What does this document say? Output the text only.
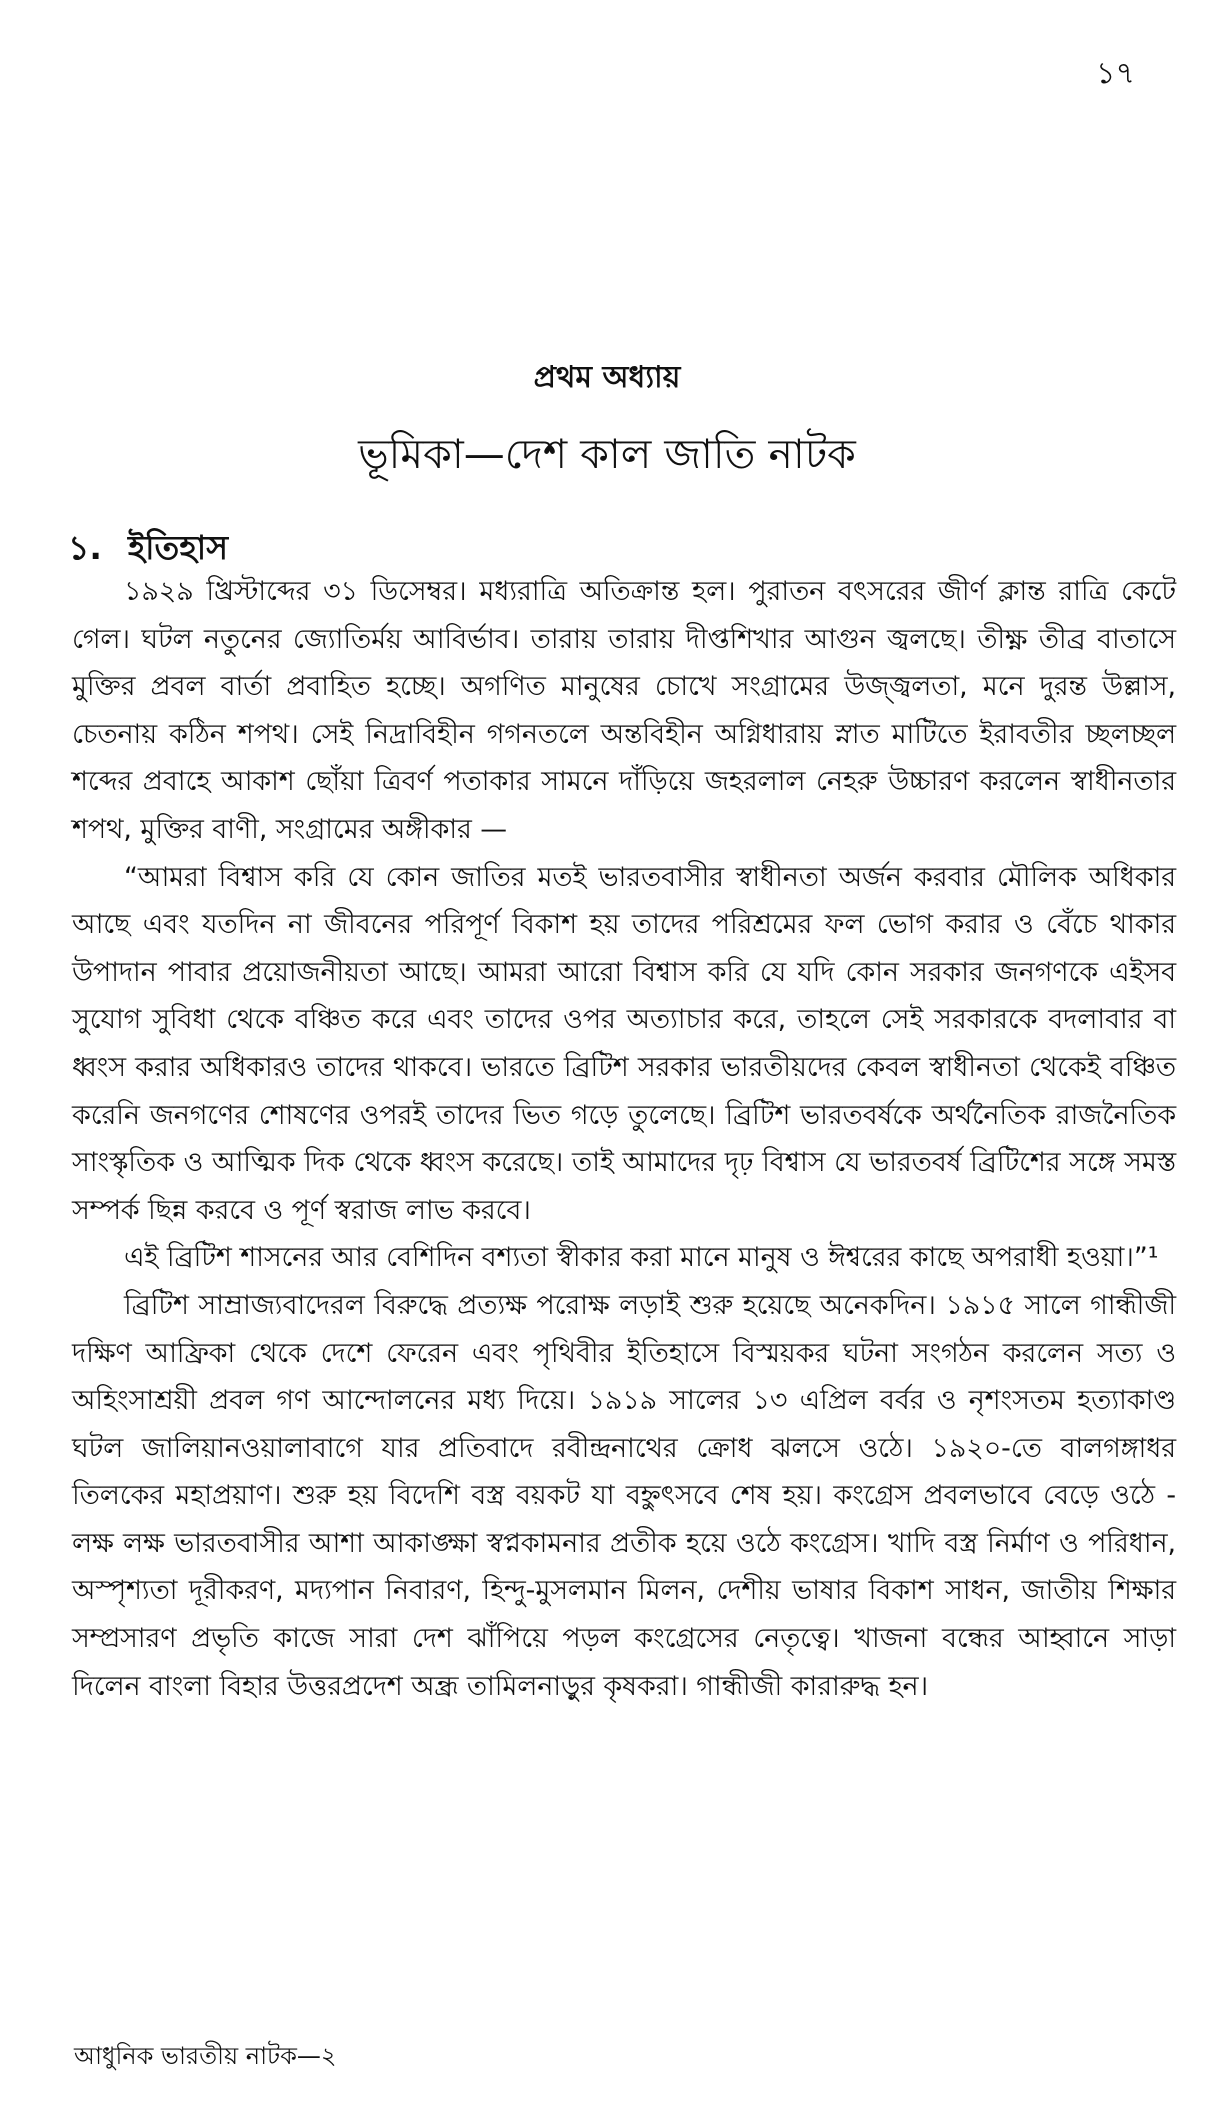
১৭
প্রথম অধ্যায়
ভূমিকা—দেশ কাল জাতি নাটক
১. ইতিহাস

১৯২৯ খ্রিস্টাব্দের ৩১ ডিসেম্বর। মধ্যরাত্রি অতিক্রান্ত হল। পুরাতন বৎসরের জীর্ণ ক্লান্ত রাত্রি কেটে গেল। ঘটল নতুনের জ্যোতির্ময় আবির্ভাব। তারায় তারায় দীপ্তশিখার আগুন জ্বলছে। তীক্ষ্ণ তীব্র বাতাসে মুক্তির প্রবল বার্তা প্রবাহিত হচ্ছে। অগণিত মানুষের চোখে সংগ্রামের উজ্জ্বলতা, মনে দুরন্ত উল্লাস, চেতনায় কঠিন শপথ। সেই নিদ্রাবিহীন গগনতলে অন্তবিহীন অগ্নিধারায় স্নাত মাটিতে ইরাবতীর চ্ছলচ্ছল শব্দের প্রবাহে আকাশ ছোঁয়া ত্রিবর্ণ পতাকার সামনে দাঁড়িয়ে জহরলাল নেহরু উচ্চারণ করলেন স্বাধীনতার শপথ, মুক্তির বাণী, সংগ্রামের অঙ্গীকার —

“আমরা বিশ্বাস করি যে কোন জাতির মতই ভারতবাসীর স্বাধীনতা অর্জন করবার মৌলিক অধিকার আছে এবং যতদিন না জীবনের পরিপূর্ণ বিকাশ হয় তাদের পরিশ্রমের ফল ভোগ করার ও বেঁচে থাকার উপাদান পাবার প্রয়োজনীয়তা আছে। আমরা আরো বিশ্বাস করি যে যদি কোন সরকার জনগণকে এইসব সুযোগ সুবিধা থেকে বঞ্চিত করে এবং তাদের ওপর অত্যাচার করে, তাহলে সেই সরকারকে বদলাবার বা ধ্বংস করার অধিকারও তাদের থাকবে। ভারতে ব্রিটিশ সরকার ভারতীয়দের কেবল স্বাধীনতা থেকেই বঞ্চিত করেনি জনগণের শোষণের ওপরই তাদের ভিত গড়ে তুলেছে। ব্রিটিশ ভারতবর্ষকে অর্থনৈতিক রাজনৈতিক সাংস্কৃতিক ও আত্মিক দিক থেকে ধ্বংস করেছে। তাই আমাদের দৃঢ় বিশ্বাস যে ভারতবর্ষ ব্রিটিশের সঙ্গে সমস্ত সম্পর্ক ছিন্ন করবে ও পূর্ণ স্বরাজ লাভ করবে।

এই ব্রিটিশ শাসনের আর বেশিদিন বশ্যতা স্বীকার করা মানে মানুষ ও ঈশ্বরের কাছে অপরাধী হওয়া।”¹

ব্রিটিশ সাম্রাজ্যবাদেরল বিরুদ্ধে প্রত্যক্ষ পরোক্ষ লড়াই শুরু হয়েছে অনেকদিন। ১৯১৫ সালে গান্ধীজী দক্ষিণ আফ্রিকা থেকে দেশে ফেরেন এবং পৃথিবীর ইতিহাসে বিস্ময়কর ঘটনা সংগঠন করলেন সত্য ও অহিংসাশ্রয়ী প্রবল গণ আন্দোলনের মধ্য দিয়ে। ১৯১৯ সালের ১৩ এপ্রিল বর্বর ও নৃশংসতম হত্যাকাণ্ড ঘটল জালিয়ানওয়ালাবাগে যার প্রতিবাদে রবীন্দ্রনাথের ক্রোধ ঝলসে ওঠে। ১৯২০-তে বালগঙ্গাধর তিলকের মহাপ্রয়াণ। শুরু হয় বিদেশি বস্ত্র বয়কট যা বহ্নুৎসবে শেষ হয়। কংগ্রেস প্রবলভাবে বেড়ে ওঠে - লক্ষ লক্ষ ভারতবাসীর আশা আকাঙ্ক্ষা স্বপ্নকামনার প্রতীক হয়ে ওঠে কংগ্রেস। খাদি বস্ত্র নির্মাণ ও পরিধান, অস্পৃশ্যতা দূরীকরণ, মদ্যপান নিবারণ, হিন্দু-মুসলমান মিলন, দেশীয় ভাষার বিকাশ সাধন, জাতীয় শিক্ষার সম্প্রসারণ প্রভৃতি কাজে সারা দেশ ঝাঁপিয়ে পড়ল কংগ্রেসের নেতৃত্বে। খাজনা বন্ধের আহ্বানে সাড়া দিলেন বাংলা বিহার উত্তরপ্রদেশ অন্ধ্র তামিলনাড়ুর কৃষকরা। গান্ধীজী কারারুদ্ধ হন।

আধুনিক ভারতীয় নাটক—২
